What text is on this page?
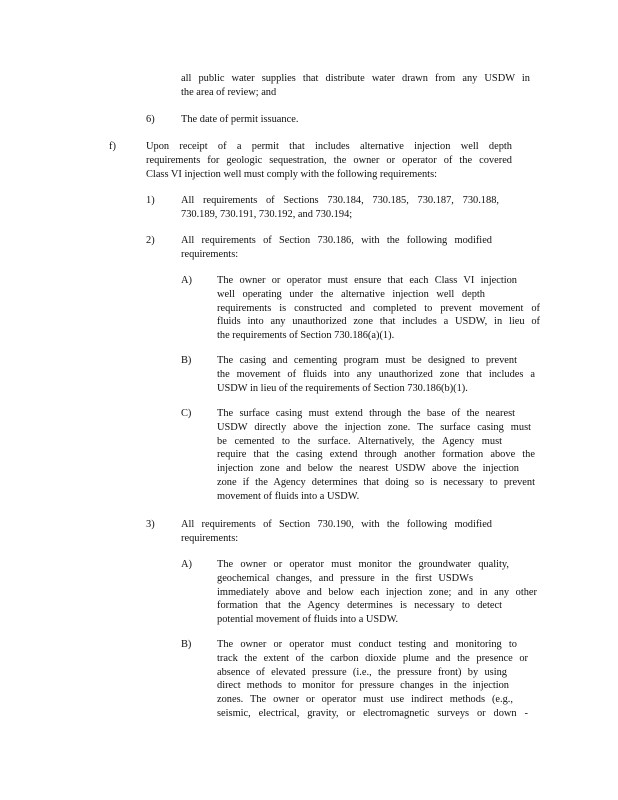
all public water supplies that distribute water drawn from any USDW in
the area of review; and
6)	The date of permit issuance.
f)	Upon receipt of a permit that includes alternative injection well depth
requirements for geologic sequestration, the owner or operator of the covered
Class VI injection well must comply with the following requirements:
1)	All requirements of Sections 730.184, 730.185, 730.187, 730.188,
730.189, 730.191, 730.192, and 730.194;
2)	All requirements of Section 730.186, with the following modified
requirements:
A) The owner or operator must ensure that each Class VI injection
well operating under the alternative injection well depth
requirements is constructed and completed to prevent movement of
fluids into any unauthorized zone that includes a USDW, in lieu of
the requirements of Section 730.186(a)(1).
B) The casing and cementing program must be designed to prevent
the movement of fluids into any unauthorized zone that includes a
USDW in lieu of the requirements of Section 730.186(b)(1).
C) The surface casing must extend through the base of the nearest
USDW directly above the injection zone. The surface casing must
be cemented to the surface. Alternatively, the Agency must
require that the casing extend through another formation above the
injection zone and below the nearest USDW above the injection
zone if the Agency determines that doing so is necessary to prevent
movement of fluids into a USDW.
3)	All requirements of Section 730.190, with the following modified
requirements:
A) The owner or operator must monitor the groundwater quality,
geochemical changes, and pressure in the first USDWs
immediately above and below each injection zone; and in any other
formation that the Agency determines is necessary to detect
potential movement of fluids into a USDW.
B) The owner or operator must conduct testing and monitoring to
track the extent of the carbon dioxide plume and the presence or
absence of elevated pressure (i.e., the pressure front) by using
direct methods to monitor for pressure changes in the injection
zones. The owner or operator must use indirect methods (e.g.,
seismic, electrical, gravity, or electromagnetic surveys or down -
